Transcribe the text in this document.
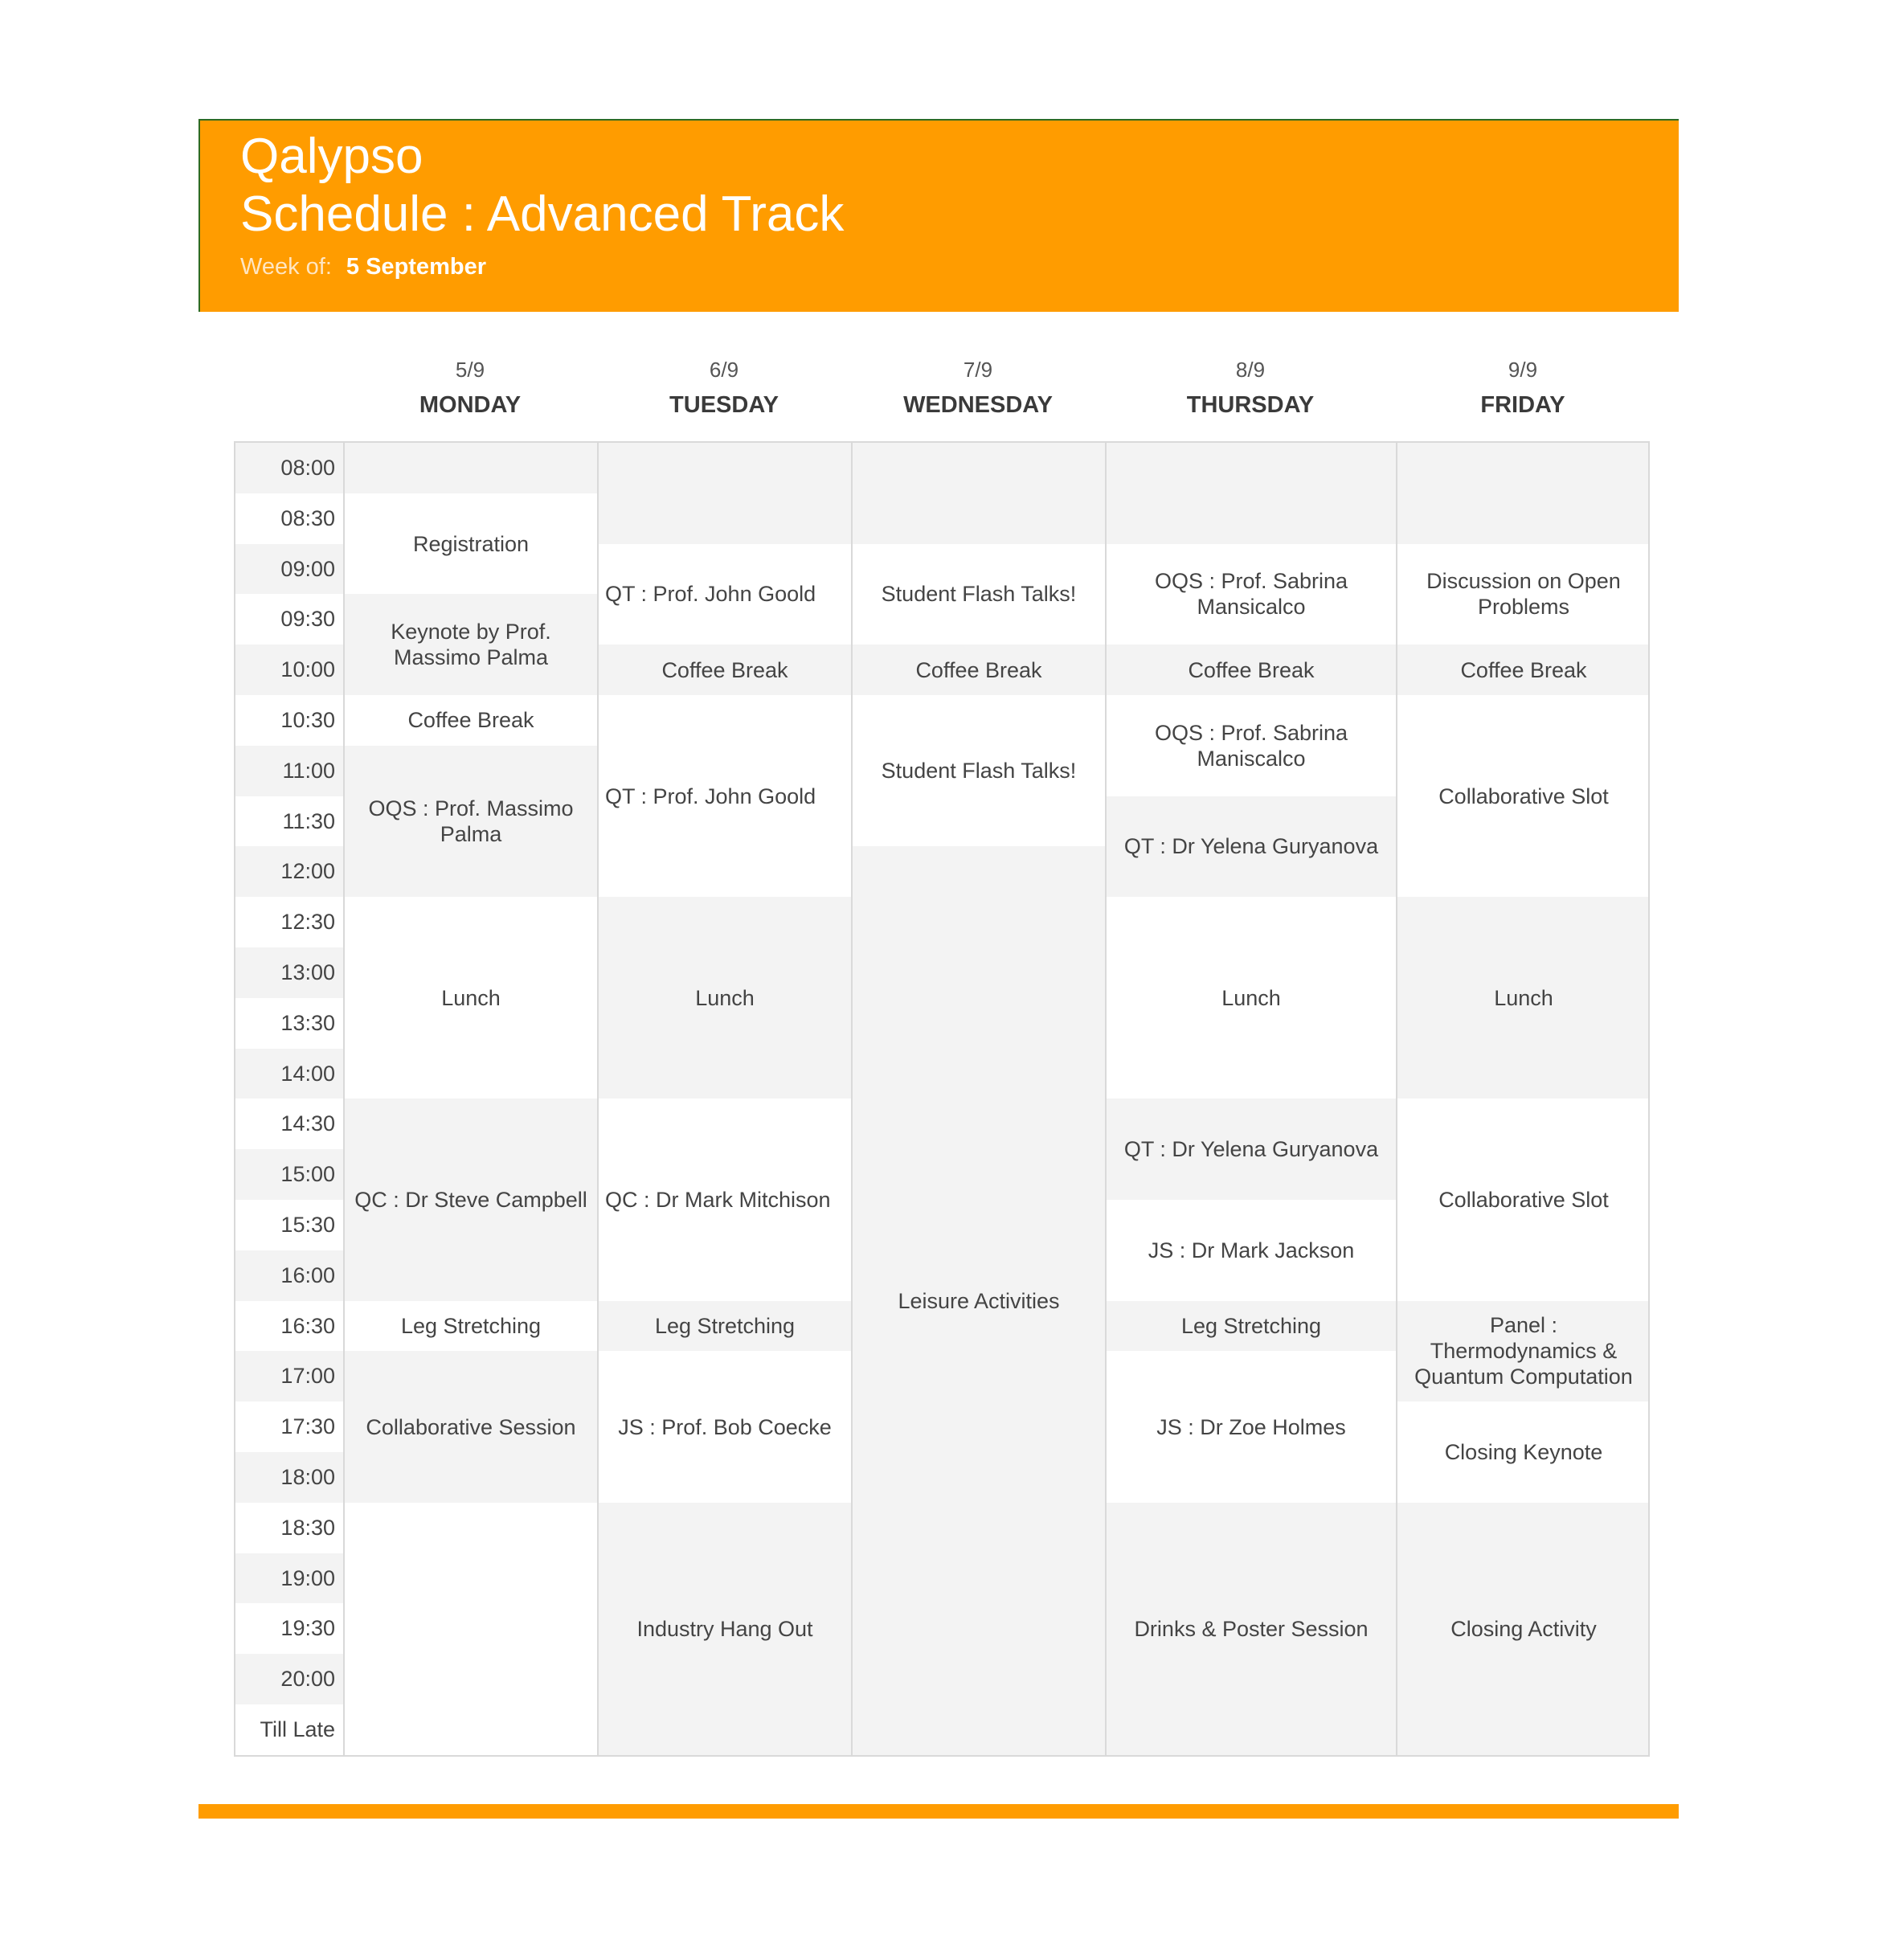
Qalypso
Schedule : Advanced Track
Week of: 5 September
5/9
MONDAY
6/9
TUESDAY
7/9
WEDNESDAY
8/9
THURSDAY
9/9
FRIDAY
08:00
08:30
09:00
09:30
10:00
10:30
11:00
11:30
12:00
12:30
13:00
13:30
14:00
14:30
15:00
15:30
16:00
16:30
17:00
17:30
18:00
18:30
19:00
19:30
20:00
Till Late
Registration
Keynote by Prof. Massimo Palma
Coffee Break
OQS : Prof. Massimo Palma
Lunch
QC : Dr Steve Campbell
Leg Stretching
Collaborative Session
QT : Prof. John Goold
Coffee Break
QT : Prof. John Goold
Lunch
QC : Dr Mark Mitchison
Leg Stretching
JS : Prof. Bob Coecke
Industry Hang Out
Student Flash Talks!
Coffee Break
Student Flash Talks!
Leisure Activities
OQS : Prof. Sabrina Mansicalco
Coffee Break
OQS : Prof. Sabrina Maniscalco
QT : Dr Yelena Guryanova
Lunch
QT : Dr Yelena Guryanova
JS : Dr Mark Jackson
Leg Stretching
JS : Dr Zoe Holmes
Drinks & Poster Session
Discussion on Open Problems
Coffee Break
Collaborative Slot
Lunch
Collaborative Slot
Panel : Thermodynamics & Quantum Computation
Closing Keynote
Closing Activity
